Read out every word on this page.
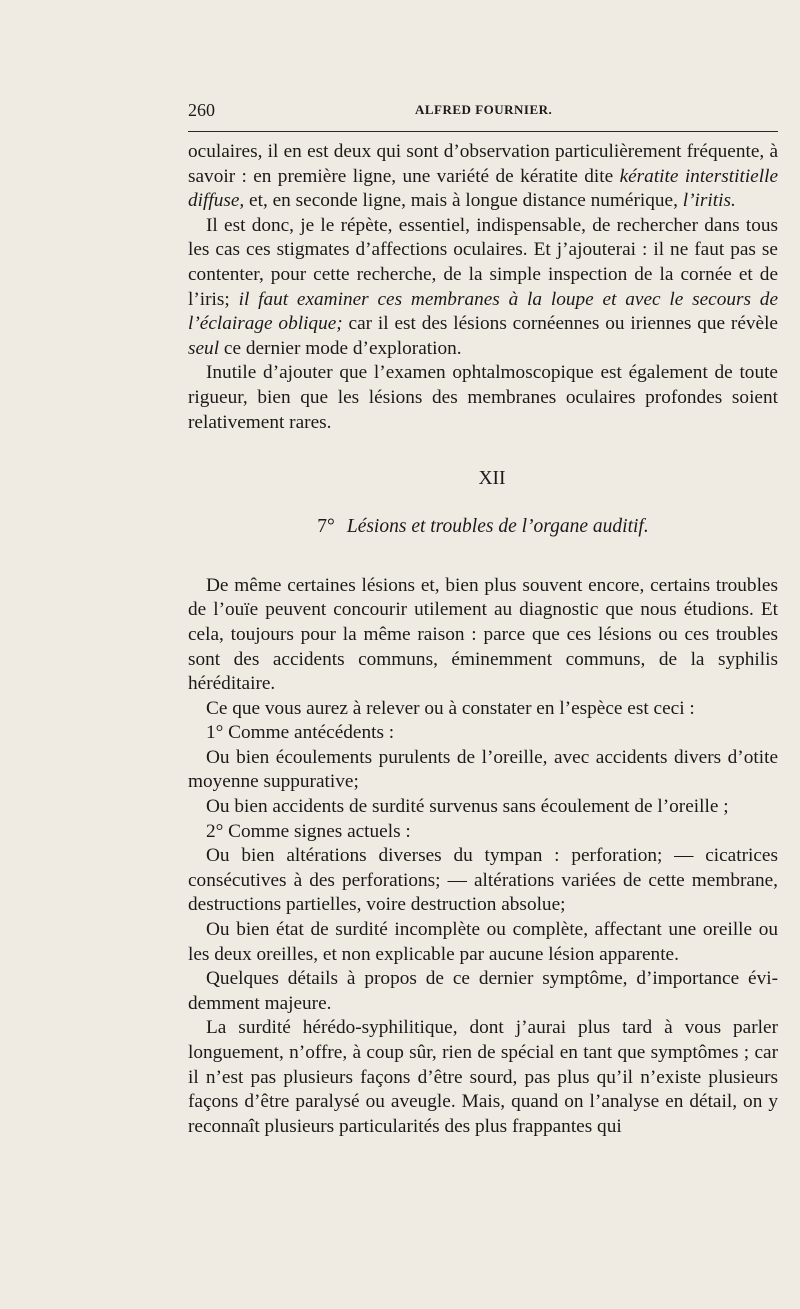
260	ALFRED FOURNIER.

oculaires, il en est deux qui sont d’observation particulièrement fréquente, à savoir : en première ligne, une variété de kératite dite kératite interstitielle diffuse, et, en seconde ligne, mais à longue distance numérique, l’iritis.

Il est donc, je le répète, essentiel, indispensable, de rechercher dans tous les cas ces stigmates d’affections oculaires. Et j’ajouterai : il ne faut pas se contenter, pour cette recherche, de la simple inspection de la cornée et de l’iris; il faut examiner ces membranes à la loupe et avec le secours de l’éclairage oblique; car il est des lésions cornéennes ou iriennes que révèle seul ce dernier mode d’exploration.

Inutile d’ajouter que l’examen ophtalmoscopique est également de toute rigueur, bien que les lésions des membranes oculaires profondes soient relativement rares.

XII
7° Lésions et troubles de l’organe auditif.

De même certaines lésions et, bien plus souvent encore, certains troubles de l’ouïe peuvent concourir utilement au diagnostic que nous étudions. Et cela, toujours pour la même raison : parce que ces lésions ou ces troubles sont des accidents communs, éminemment communs, de la syphilis héréditaire.

Ce que vous aurez à relever ou à constater en l’espèce est ceci :

1° Comme antécédents :

Ou bien écoulements purulents de l’oreille, avec accidents divers d’otite moyenne suppurative;

Ou bien accidents de surdité survenus sans écoulement de l’oreille ;

2° Comme signes actuels :

Ou bien altérations diverses du tympan : perforation; — cicatrices consécutives à des perforations; — altérations variées de cette membrane, destructions partielles, voire destruction absolue;

Ou bien état de surdité incomplète ou complète, affectant une oreille ou les deux oreilles, et non explicable par aucune lésion apparente.

Quelques détails à propos de ce dernier symptôme, d’importance évidemment majeure.

La surdité hérédo-syphilitique, dont j’aurai plus tard à vous parler longuement, n’offre, à coup sûr, rien de spécial en tant que symptômes ; car il n’est pas plusieurs façons d’être sourd, pas plus qu’il n’existe plusieurs façons d’être paralysé ou aveugle. Mais, quand on l’analyse en détail, on y reconnaît plusieurs particularités des plus frappantes qui
